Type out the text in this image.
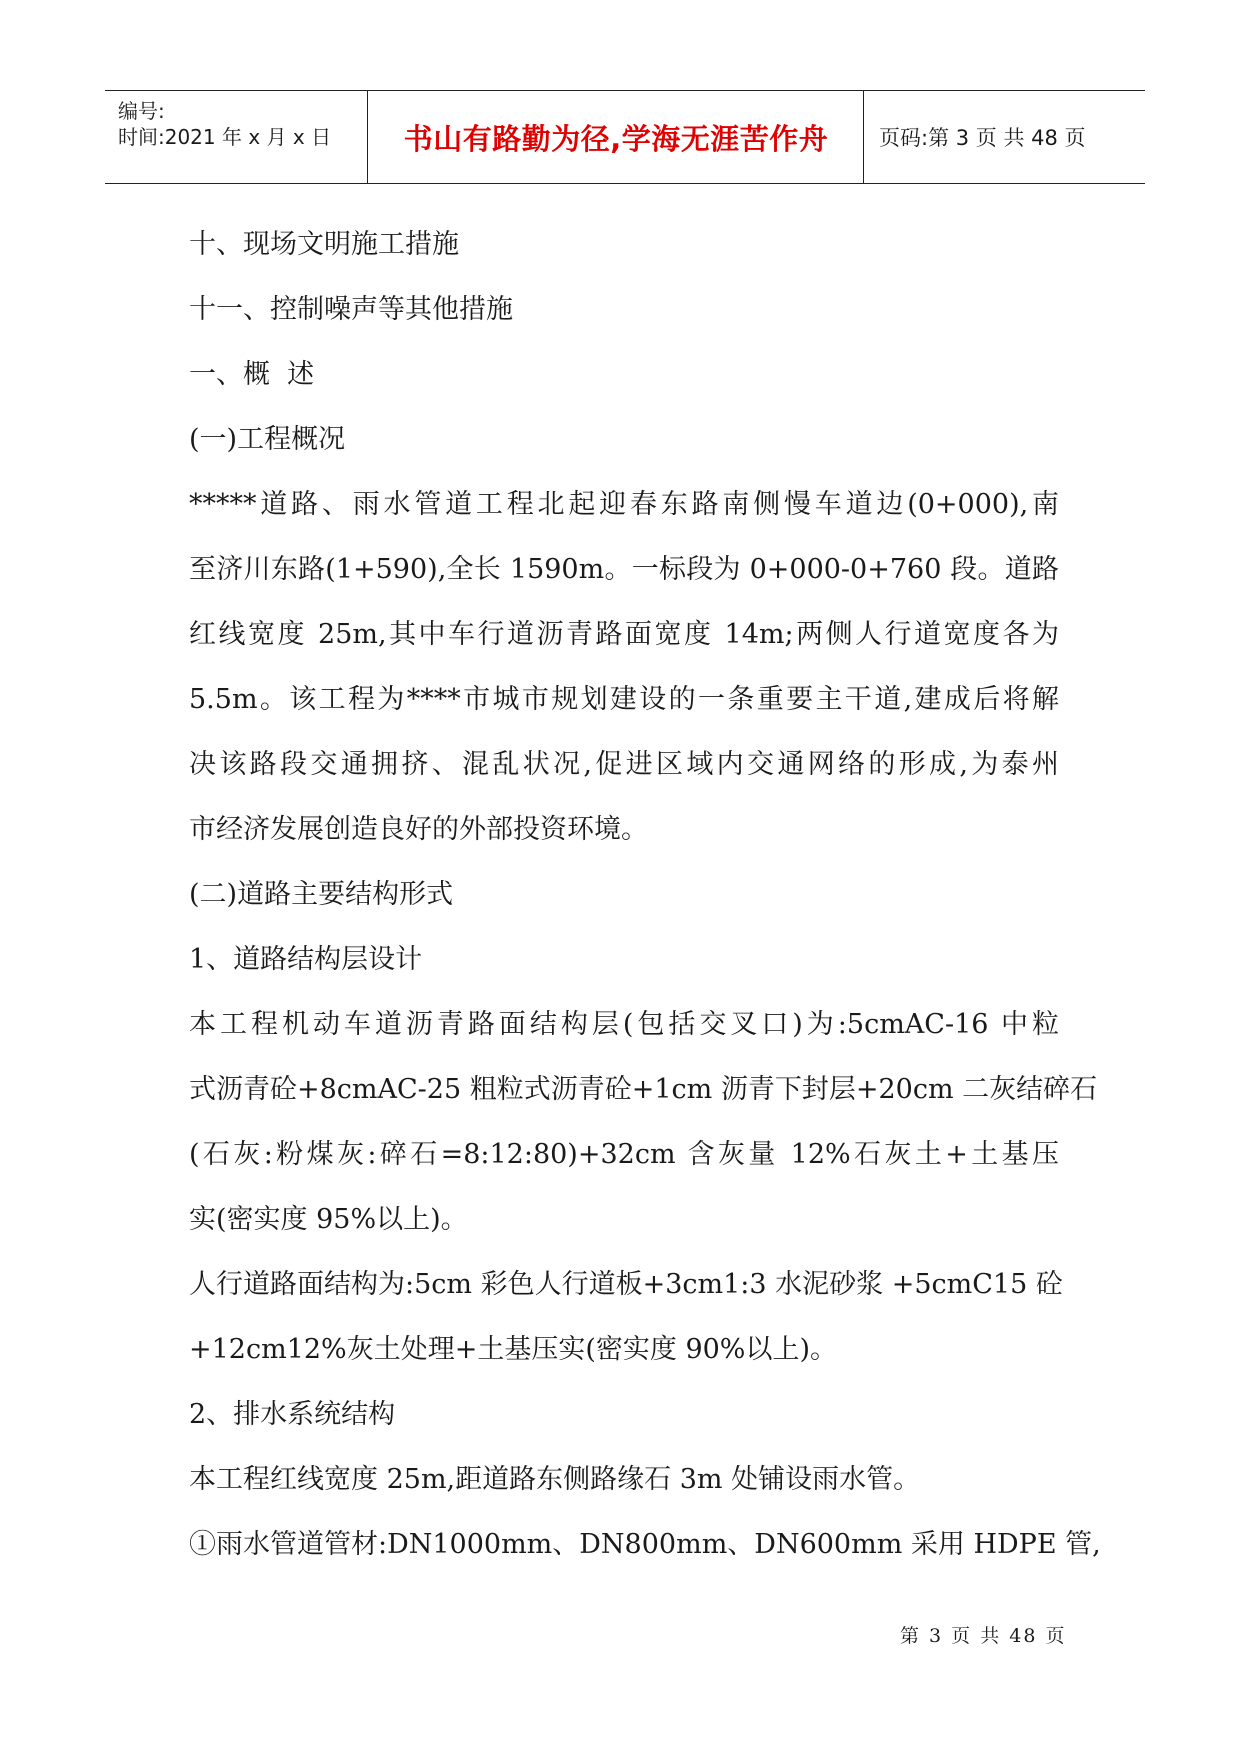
编号:
时间:2021 年 x 月 x 日	书山有路勤为径,学海无涯苦作舟	页码:第 3 页 共 48 页
十、现场文明施工措施
十一、控制噪声等其他措施
一、概  述
(一)工程概况
*****道路、雨水管道工程北起迎春东路南侧慢车道边(0+000),南
至济川东路(1+590),全长 1590m。一标段为 0+000-0+760 段。道路
红线宽度 25m,其中车行道沥青路面宽度 14m;两侧人行道宽度各为
5.5m。该工程为****市城市规划建设的一条重要主干道,建成后将解
决该路段交通拥挤、混乱状况,促进区域内交通网络的形成,为泰州
市经济发展创造良好的外部投资环境。
(二)道路主要结构形式
1、道路结构层设计
本工程机动车道沥青路面结构层(包括交叉口)为:5cmAC-16 中粒
式沥青砼+8cmAC-25 粗粒式沥青砼+1cm 沥青下封层+20cm 二灰结碎石
(石灰:粉煤灰:碎石=8:12:80)+32cm 含灰量 12%石灰土+土基压
实(密实度 95%以上)。
人行道路面结构为:5cm 彩色人行道板+3cm1:3 水泥砂浆 +5cmC15 砼
+12cm12%灰土处理+土基压实(密实度 90%以上)。
2、排水系统结构
本工程红线宽度 25m,距道路东侧路缘石 3m 处铺设雨水管。
①雨水管道管材:DN1000mm、DN800mm、DN600mm 采用 HDPE 管,
第 3 页 共 48 页
